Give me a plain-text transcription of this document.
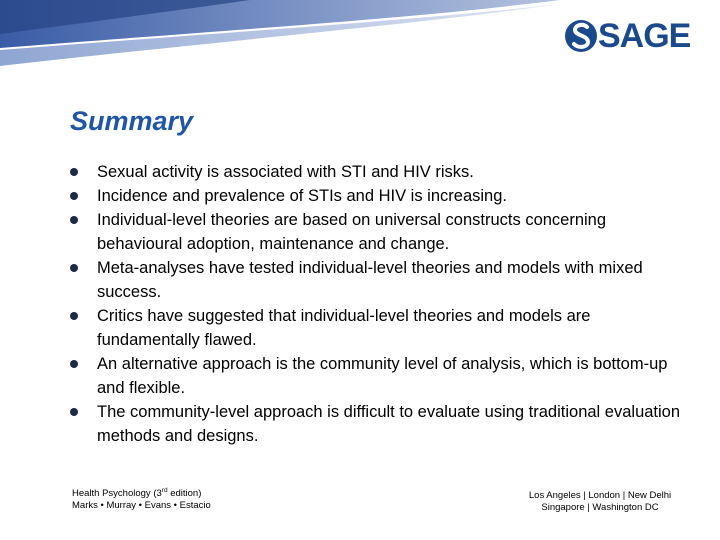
SAGE
Summary
Sexual activity is associated with STI and HIV risks.
Incidence and prevalence of STIs and HIV is increasing.
Individual-level theories are based on universal constructs concerning behavioural adoption, maintenance and change.
Meta-analyses have tested individual-level theories and models with mixed success.
Critics have suggested that individual-level theories and models are fundamentally flawed.
An alternative approach is the community level of analysis, which is bottom-up and flexible.
The community-level approach is difficult to evaluate using traditional evaluation methods and designs.
Health Psychology (3rd edition)
Marks • Murray • Evans • Estacio
Los Angeles | London | New Delhi
Singapore | Washington DC
